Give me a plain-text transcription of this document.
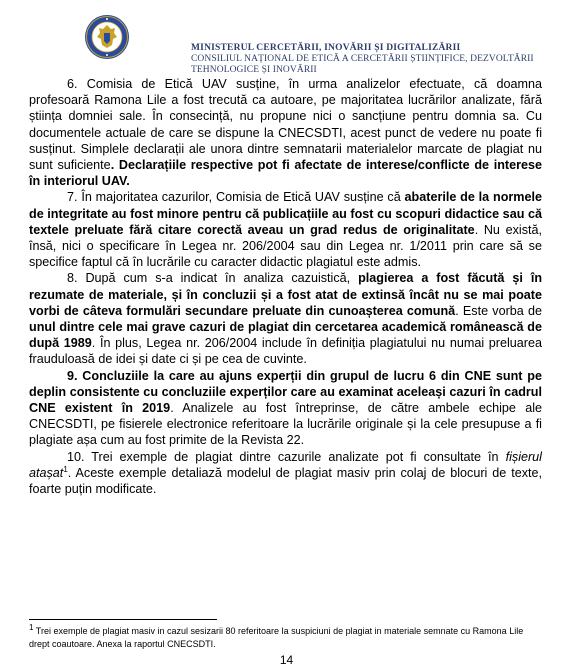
MINISTERUL CERCETĂRII, INOVĂRII ȘI DIGITALIZĂRII
CONSILIUL NAȚIONAL DE ETICĂ A CERCETĂRII ȘTIINȚIFICE, DEZVOLTĂRII
TEHNOLOGICE ȘI INOVĂRII

6. Comisia de Etică UAV susține, în urma analizelor efectuate, că doamna profesoară Ramona Lile a fost trecută ca autoare, pe majoritatea lucrărilor analizate, fără știința domniei sale. În consecință, nu propune nici o sancțiune pentru domnia sa. Cu documentele actuale de care se dispune la CNECSDTI, acest punct de vedere nu poate fi susținut. Simplele declarații ale unora dintre semnatarii materialelor marcate de plagiat nu sunt suficiente. Declarațiile respective pot fi afectate de interese/conflicte de interese în interiorul UAV.

7. În majoritatea cazurilor, Comisia de Etică UAV susține că abaterile de la normele de integritate au fost minore pentru că publicațiile au fost cu scopuri didactice sau că textele preluate fără citare corectă aveau un grad redus de originalitate. Nu există, însă, nici o specificare în Legea nr. 206/2004 sau din Legea nr. 1/2011 prin care să se specifice faptul că în lucrările cu caracter didactic plagiatul este admis.

8. După cum s-a indicat în analiza cazuistică, plagierea a fost făcută și în rezumate de materiale, și în concluzii și a fost atat de extinsă încât nu se mai poate vorbi de câteva formulări secundare preluate din cunoașterea comună. Este vorba de unul dintre cele mai grave cazuri de plagiat din cercetarea academică românească de după 1989. În plus, Legea nr. 206/2004 include în definiția plagiatului nu numai preluarea frauduloasă de idei și date ci și pe cea de cuvinte.

9. Concluziile la care au ajuns experții din grupul de lucru 6 din CNE sunt pe deplin consistente cu concluziile experților care au examinat aceleași cazuri în cadrul CNE existent în 2019. Analizele au fost întreprinse, de către ambele echipe ale CNECSDTI, pe fisierele electronice referitoare la lucrările originale și la cele presupuse a fi plagiate așa cum au fost primite de la Revista 22.

10. Trei exemple de plagiat dintre cazurile analizate pot fi consultate în fișierul atașat$^1$. Aceste exemple detaliază modelul de plagiat masiv prin colaj de blocuri de texte, foarte puțin modificate.

$^1$ Trei exemple de plagiat masiv in cazul sesizarii 80 referitoare la suspiciuni de plagiat in materiale semnate cu Ramona Lile drept coautoare. Anexa la raportul CNECSDTI.
14
